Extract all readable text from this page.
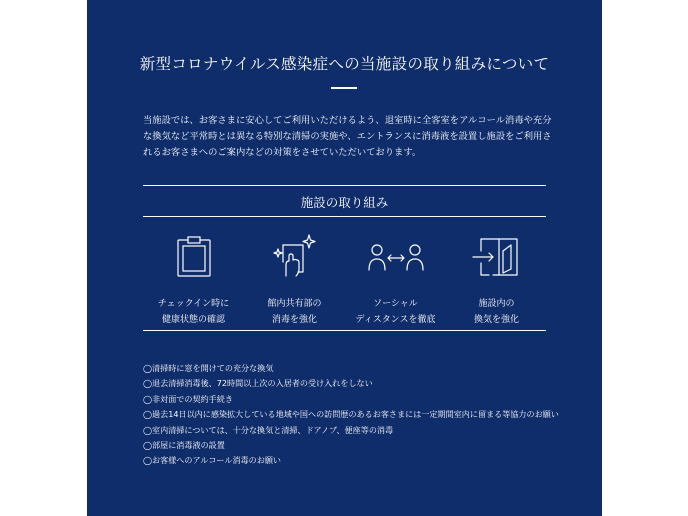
新型コロナウイルス感染症への当施設の取り組みについて
当施設では、お客さまに安心してご利用いただけるよう、退室時に全客室をアルコール消毒や充分な換気など平常時とは異なる特別な清掃の実施や、エントランスに消毒液を設置し施設をご利用されるお客さまへのご案内などの対策をさせていただいております。
施設の取り組み
チェックイン時に
健康状態の確認
館内共有部の
消毒を強化
ソーシャル
ディスタンスを徹底
施設内の
換気を強化
◯清掃時に窓を開けての充分な換気
◯退去清掃消毒後、72時間以上次の入居者の受け入れをしない
◯非対面での契約手続き
◯過去14日以内に感染拡大している地域や国への訪問歴のあるお客さまには一定期間室内に留まる等協力のお願い
◯室内清掃については、十分な換気と清掃、ドアノブ、便座等の消毒
◯部屋に消毒液の設置
◯お客様へのアルコール消毒のお願い
